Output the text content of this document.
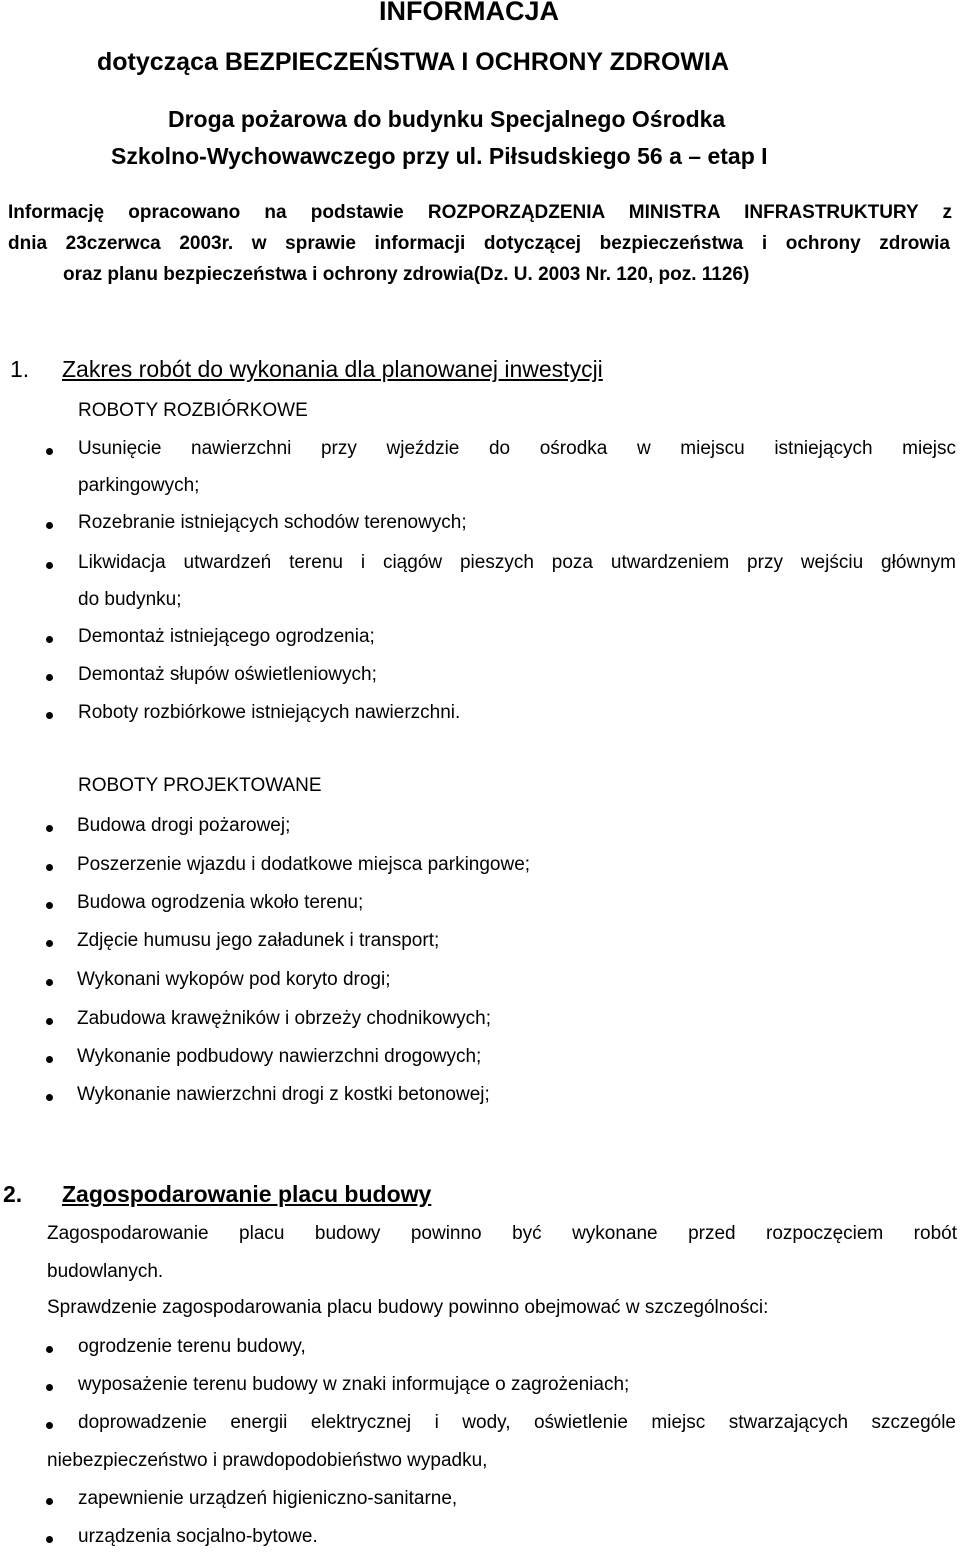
INFORMACJA
dotycząca BEZPIECZEŃSTWA I OCHRONY ZDROWIA
Droga pożarowa do budynku Specjalnego Ośrodka
Szkolno-Wychowawczego przy ul. Piłsudskiego 56 a – etap I
Informację opracowano na podstawie ROZPORZĄDZENIA MINISTRA INFRASTRUKTURY z
dnia 23czerwca 2003r. w sprawie informacji dotyczącej bezpieczeństwa i ochrony zdrowia
oraz planu bezpieczeństwa i ochrony zdrowia(Dz. U. 2003 Nr. 120, poz. 1126)
1. Zakres robót do wykonania dla planowanej inwestycji
ROBOTY ROZBIÓRKOWE
Usunięcie nawierzchni przy wjeździe do ośrodka w miejscu istniejących miejsc
parkingowych;
Rozebranie istniejących schodów terenowych;
Likwidacja utwardzeń terenu i ciągów pieszych poza utwardzeniem przy wejściu głównym
do budynku;
Demontaż istniejącego ogrodzenia;
Demontaż słupów oświetleniowych;
Roboty rozbiórkowe istniejących nawierzchni.
ROBOTY PROJEKTOWANE
Budowa drogi pożarowej;
Poszerzenie wjazdu i dodatkowe miejsca parkingowe;
Budowa ogrodzenia wkoło terenu;
Zdjęcie humusu jego załadunek i transport;
Wykonani wykopów pod koryto drogi;
Zabudowa krawężników i obrzeży chodnikowych;
Wykonanie podbudowy nawierzchni drogowych;
Wykonanie nawierzchni drogi z kostki betonowej;
2. Zagospodarowanie placu budowy
Zagospodarowanie placu budowy powinno być wykonane przed rozpoczęciem robót
budowlanych.
Sprawdzenie zagospodarowania placu budowy powinno obejmować w szczególności:
ogrodzenie terenu budowy,
wyposażenie terenu budowy w znaki informujące o zagrożeniach;
doprowadzenie energii elektrycznej i wody, oświetlenie miejsc stwarzających szczególe
niebezpieczeństwo i prawdopodobieństwo wypadku,
zapewnienie urządzeń higieniczno-sanitarne,
urządzenia socjalno-bytowe.
